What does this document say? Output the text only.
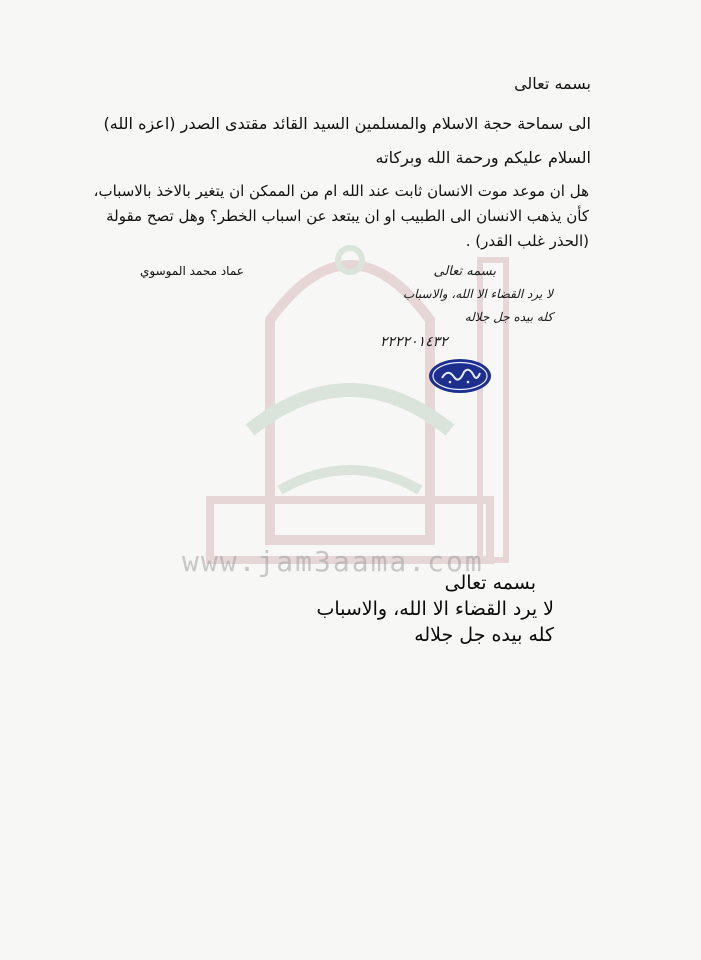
www.jam3aama.com
بسمه تعالى
الى سماحة حجة الاسلام والمسلمين السيد القائد مقتدى الصدر (اعزه الله)
السلام عليكم ورحمة الله وبركاته
هل ان موعد موت الانسان ثابت عند الله ام من الممكن ان يتغير بالاخذ بالاسباب،
كأن يذهب الانسان الى الطبيب او ان يبتعد عن اسباب الخطر؟ وهل تصح مقولة
(الحذر غلب القدر) .
عماد محمد الموسوي	بسمه تعالى
لا يرد القضاء الا الله، والاسباب
كله بيده جل جلاله
٢٢٢٢٠١٤٣٢
بسمه تعالى
لا يرد القضاء الا الله، والاسباب
كله بيده جل جلاله
